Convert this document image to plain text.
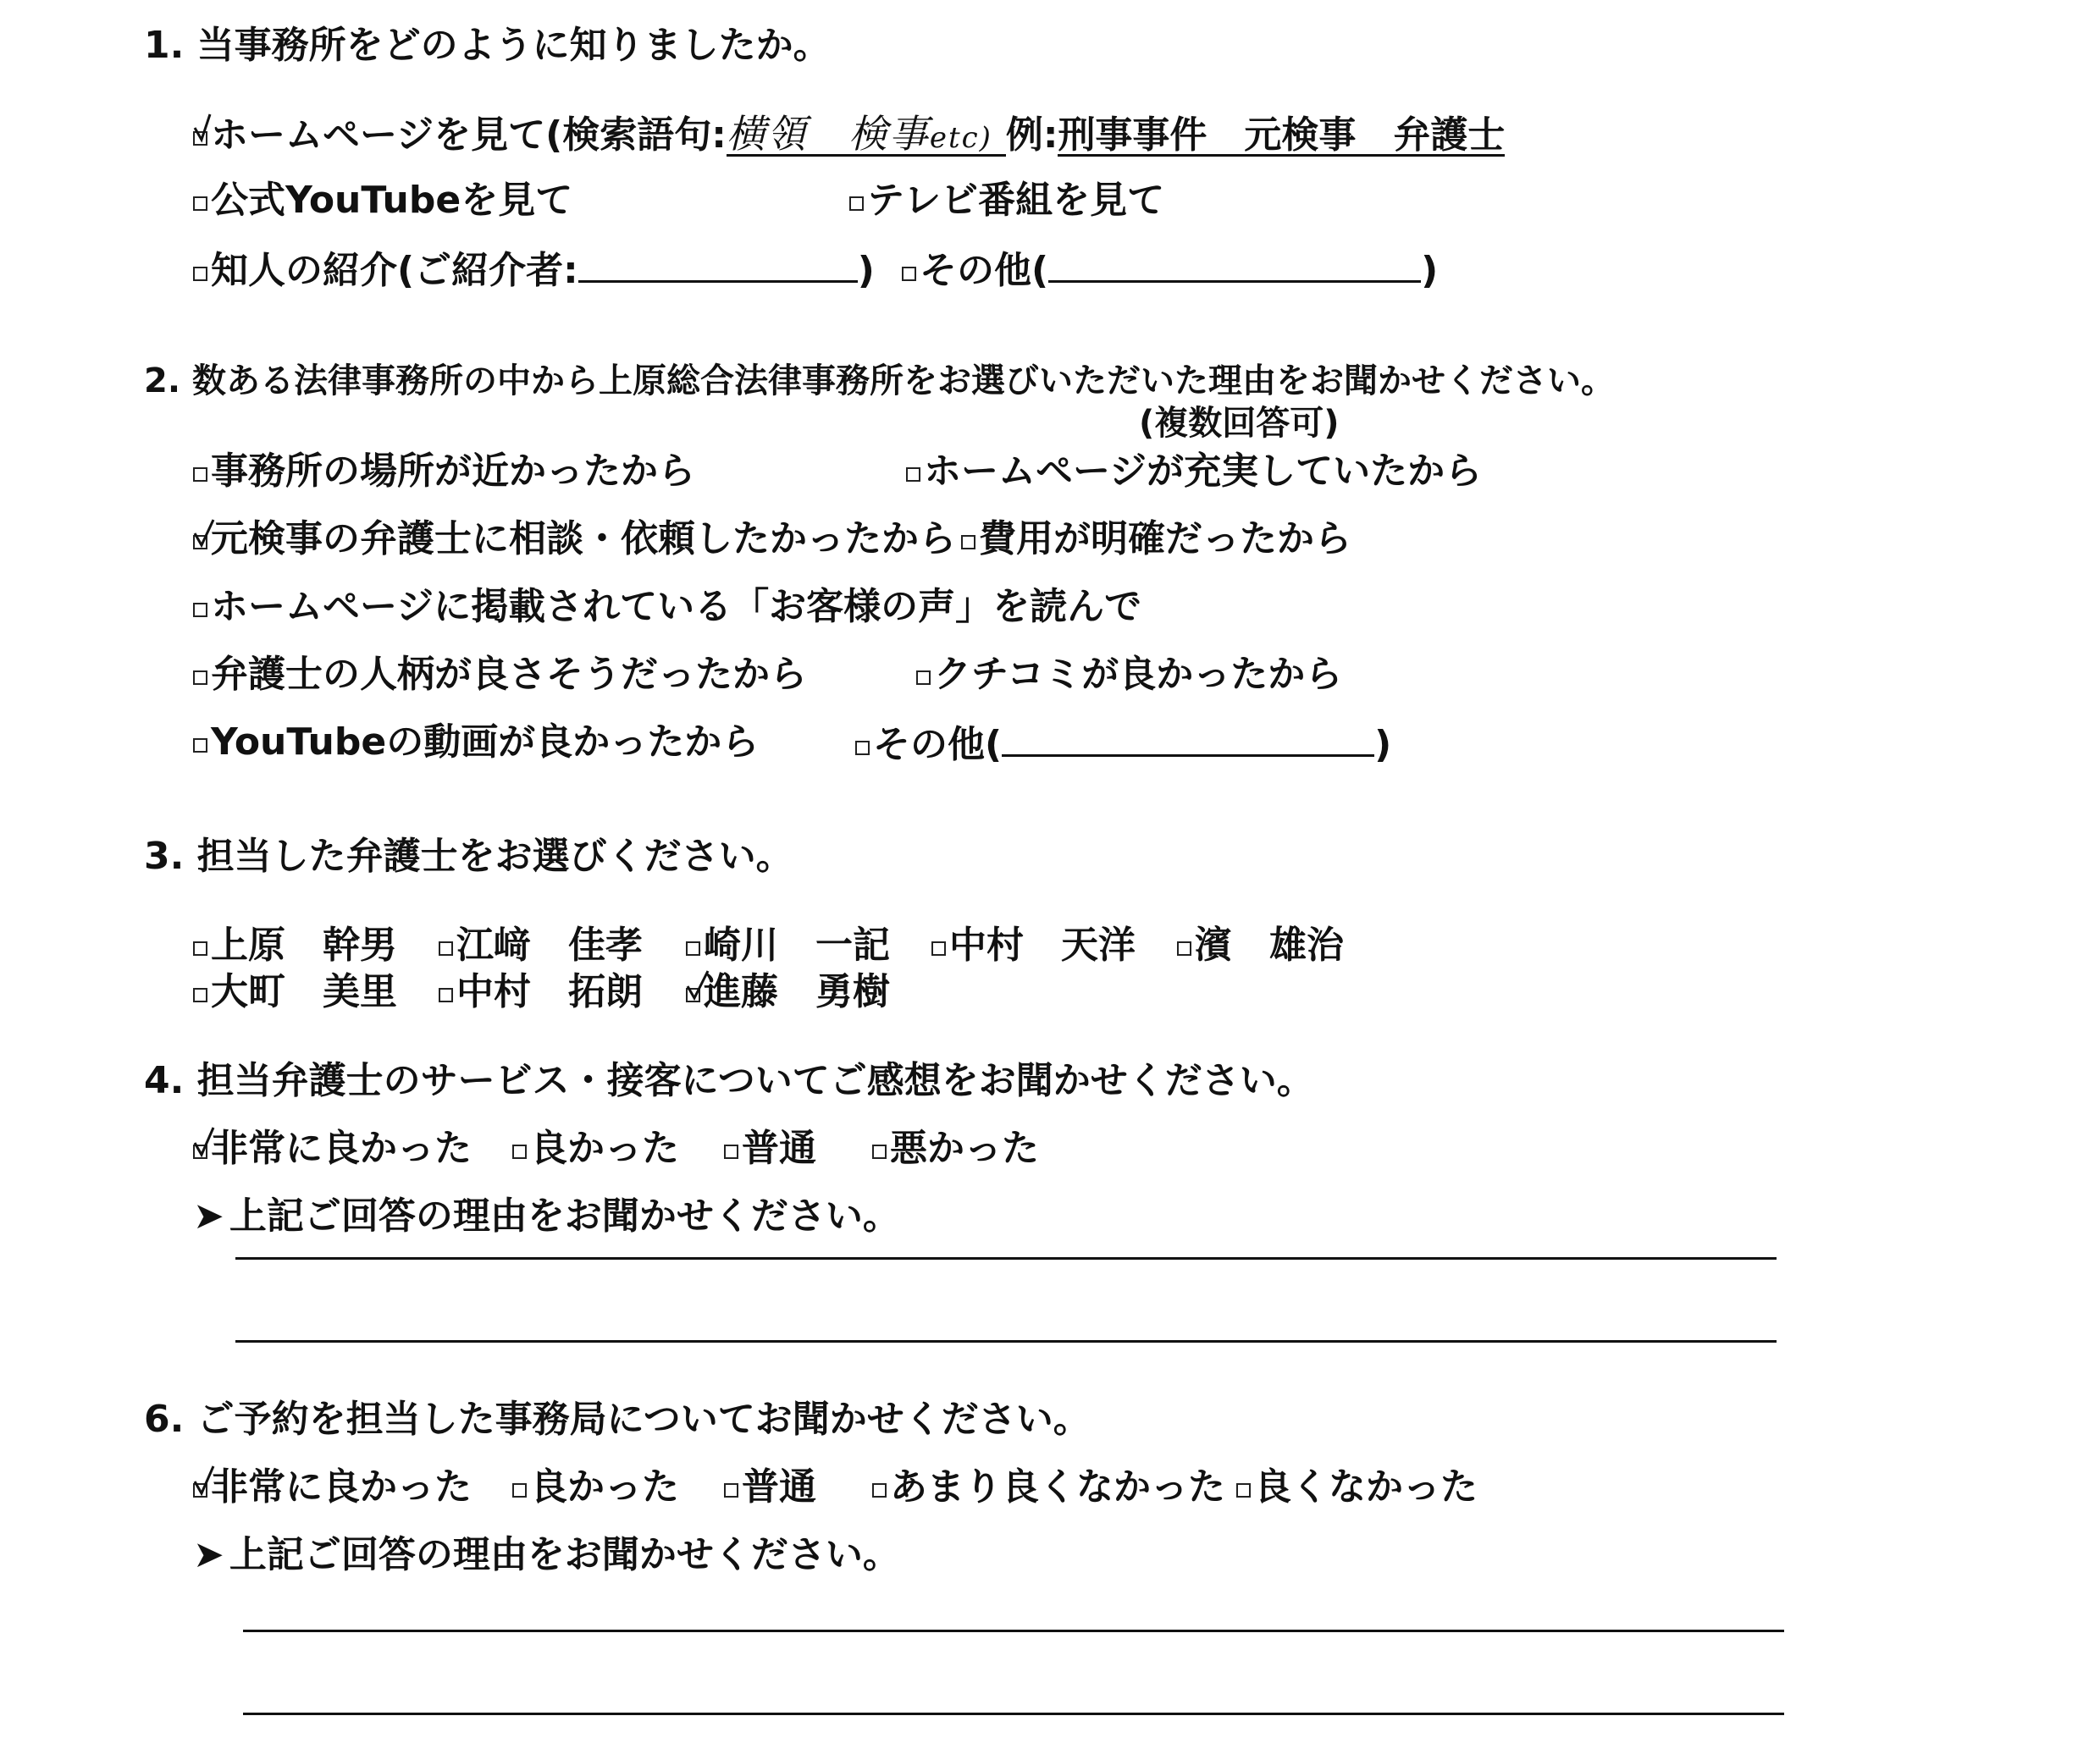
1. 当事務所をどのように知りましたか。
ホームページを見て(検索語句:横領　検事etc) 例:刑事事件　元検事　弁護士
公式YouTubeを見て	テレビ番組を見て
知人の紹介(ご紹介者:	)	その他(	)
2. 数ある法律事務所の中から上原総合法律事務所をお選びいただいた理由をお聞かせください。
(複数回答可)
事務所の場所が近かったから	ホームページが充実していたから
元検事の弁護士に相談・依頼したかったから 費用が明確だったから
ホームページに掲載されている「お客様の声」を読んで
弁護士の人柄が良さそうだったから	クチコミが良かったから
YouTubeの動画が良かったから	その他(	)
3. 担当した弁護士をお選びください。
上原　幹男	江﨑　佳孝	崎川　一記	中村　天洋	濱　雄治
大町　美里	中村　拓朗	進藤　勇樹
4. 担当弁護士のサービス・接客についてご感想をお聞かせください。
非常に良かった	良かった	普通	悪かった
➤ 上記ご回答の理由をお聞かせください。
6. ご予約を担当した事務局についてお聞かせください。
非常に良かった	良かった	普通	あまり良くなかった 良くなかった
➤ 上記ご回答の理由をお聞かせください。
